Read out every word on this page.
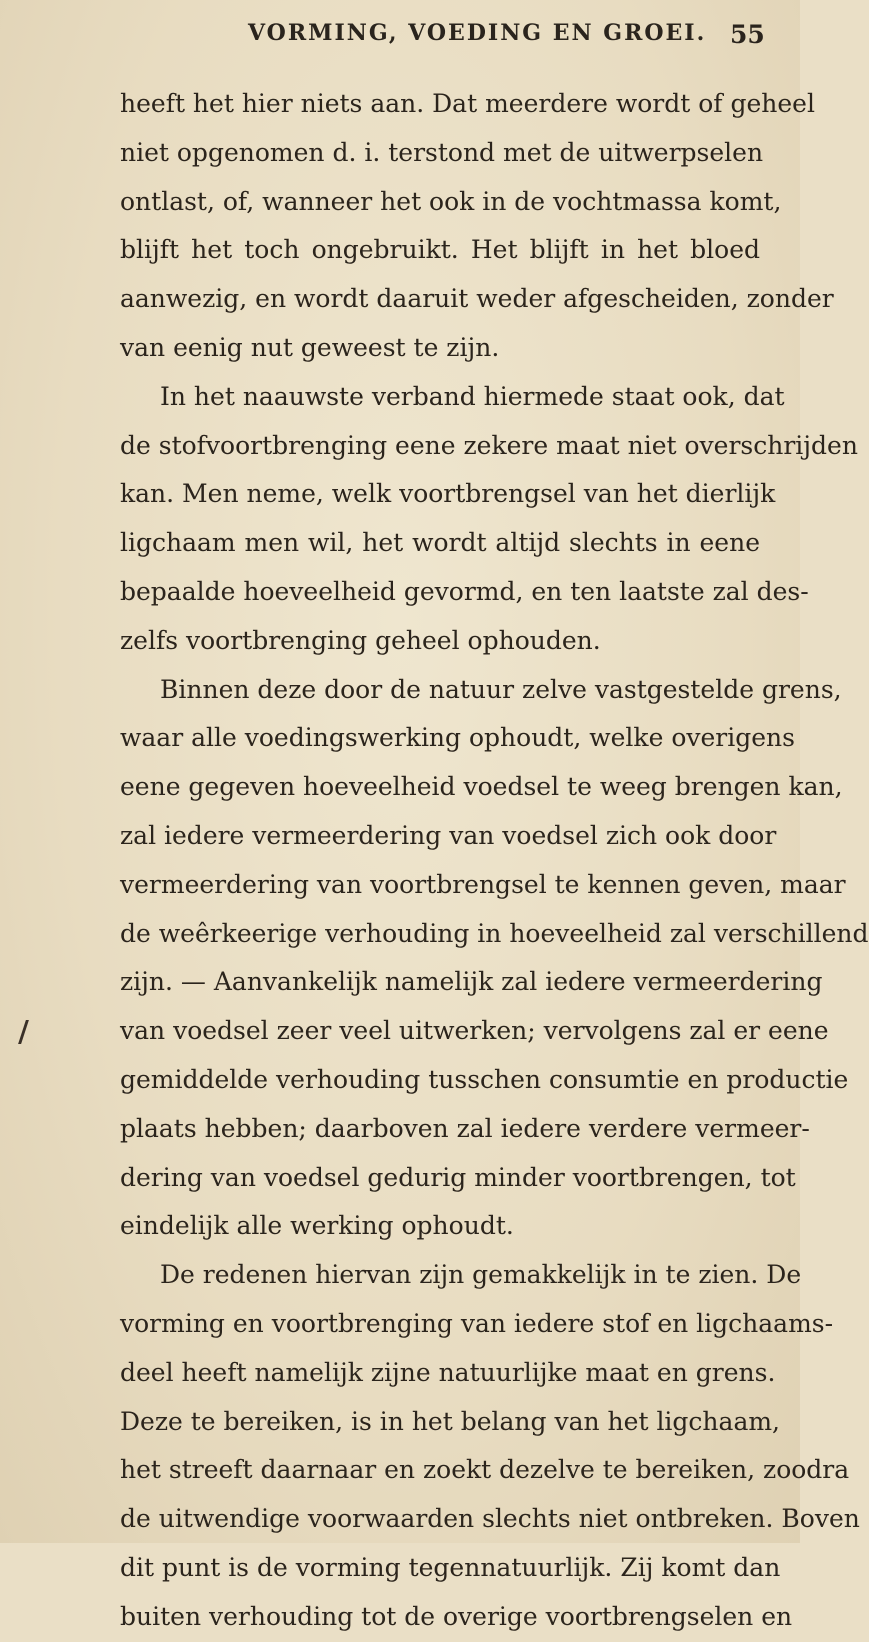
VORMING, VOEDING EN GROEI. 55
heeft het hier niets aan. Dat meerdere wordt of geheel
niet opgenomen d. i. terstond met de uitwerpselen
ontlast, of, wanneer het ook in de vochtmassa komt,
blijft het toch ongebruikt. Het blijft in het bloed
aanwezig, en wordt daaruit weder afgescheiden, zonder
van eenig nut geweest te zijn.
In het naauwste verband hiermede staat ook, dat
de stofvoortbrenging eene zekere maat niet overschrijden
kan. Men neme, welk voortbrengsel van het dierlijk
ligchaam men wil, het wordt altijd slechts in eene
bepaalde hoeveelheid gevormd, en ten laatste zal des-
zelfs voortbrenging geheel ophouden.
Binnen deze door de natuur zelve vastgestelde grens,
waar alle voedingswerking ophoudt, welke overigens
eene gegeven hoeveelheid voedsel te weeg brengen kan,
zal iedere vermeerdering van voedsel zich ook door
vermeerdering van voortbrengsel te kennen geven, maar
de weêrkeerige verhouding in hoeveelheid zal verschillend
zijn. — Aanvankelijk namelijk zal iedere vermeerdering
van voedsel zeer veel uitwerken; vervolgens zal er eene
gemiddelde verhouding tusschen consumtie en productie
plaats hebben; daarboven zal iedere verdere vermeer-
dering van voedsel gedurig minder voortbrengen, tot
eindelijk alle werking ophoudt.
De redenen hiervan zijn gemakkelijk in te zien. De
vorming en voortbrenging van iedere stof en ligchaams-
deel heeft namelijk zijne natuurlijke maat en grens.
Deze te bereiken, is in het belang van het ligchaam,
het streeft daarnaar en zoekt dezelve te bereiken, zoodra
de uitwendige voorwaarden slechts niet ontbreken. Boven
dit punt is de vorming tegennatuurlijk. Zij komt dan
buiten verhouding tot de overige voortbrengselen en
